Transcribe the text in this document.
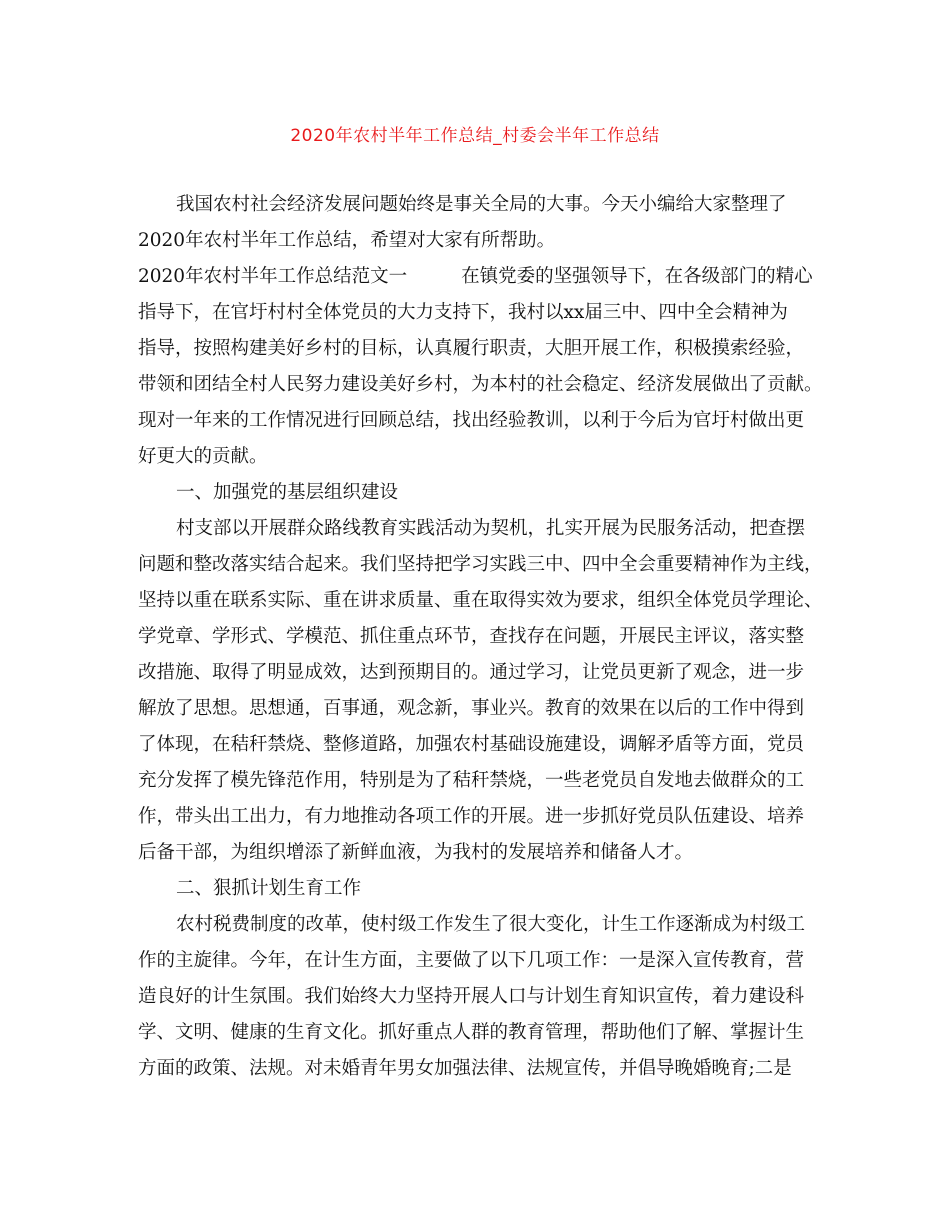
2020年农村半年工作总结_村委会半年工作总结
我国农村社会经济发展问题始终是事关全局的大事。今天小编给大家整理了
2020年农村半年工作总结，希望对大家有所帮助。
2020年农村半年工作总结范文一	在镇党委的坚强领导下，在各级部门的精心
指导下，在官圩村村全体党员的大力支持下，我村以xx届三中、四中全会精神为
指导，按照构建美好乡村的目标，认真履行职责，大胆开展工作，积极摸索经验，
带领和团结全村人民努力建设美好乡村，为本村的社会稳定、经济发展做出了贡献。
现对一年来的工作情况进行回顾总结，找出经验教训，以利于今后为官圩村做出更
好更大的贡献。
一、加强党的基层组织建设
村支部以开展群众路线教育实践活动为契机，扎实开展为民服务活动，把查摆
问题和整改落实结合起来。我们坚持把学习实践三中、四中全会重要精神作为主线，
坚持以重在联系实际、重在讲求质量、重在取得实效为要求，组织全体党员学理论、
学党章、学形式、学模范、抓住重点环节，查找存在问题，开展民主评议，落实整
改措施、取得了明显成效，达到预期目的。通过学习，让党员更新了观念，进一步
解放了思想。思想通，百事通，观念新，事业兴。教育的效果在以后的工作中得到
了体现，在秸秆禁烧、整修道路，加强农村基础设施建设，调解矛盾等方面，党员
充分发挥了模先锋范作用，特别是为了秸秆禁烧，一些老党员自发地去做群众的工
作，带头出工出力，有力地推动各项工作的开展。进一步抓好党员队伍建设、培养
后备干部，为组织增添了新鲜血液，为我村的发展培养和储备人才。
二、狠抓计划生育工作
农村税费制度的改革，使村级工作发生了很大变化，计生工作逐渐成为村级工
作的主旋律。今年，在计生方面，主要做了以下几项工作：一是深入宣传教育，营
造良好的计生氛围。我们始终大力坚持开展人口与计划生育知识宣传，着力建设科
学、文明、健康的生育文化。抓好重点人群的教育管理，帮助他们了解、掌握计生
方面的政策、法规。对未婚青年男女加强法律、法规宣传，并倡导晚婚晚育;二是
